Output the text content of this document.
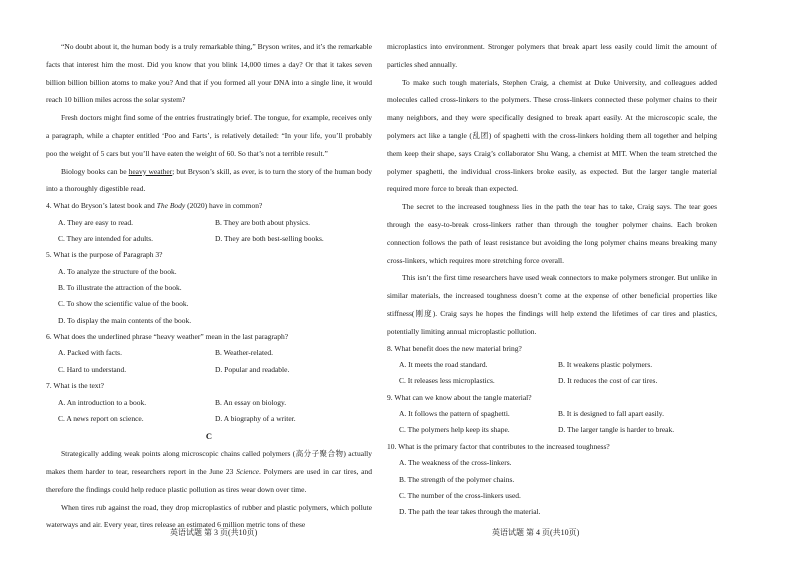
“No doubt about it, the human body is a truly remarkable thing,” Bryson writes, and it’s the remarkable facts that interest him the most. Did you know that you blink 14,000 times a day? Or that it takes seven billion billion billion atoms to make you? And that if you formed all your DNA into a single line, it would reach 10 billion miles across the solar system?

Fresh doctors might find some of the entries frustratingly brief. The tongue, for example, receives only a paragraph, while a chapter entitled ‘Poo and Farts’, is relatively detailed: “In your life, you’ll probably poo the weight of 5 cars but you’ll have eaten the weight of 60. So that’s not a terrible result.”

Biology books can be heavy weather; but Bryson’s skill, as ever, is to turn the story of the human body into a thoroughly digestible read.

4. What do Bryson’s latest book and The Body (2020) have in common?

A. They are easy to read.	B. They are both about physics.
C. They are intended for adults.	D. They are both best-selling books.

5. What is the purpose of Paragraph 3?

A. To analyze the structure of the book.
B. To illustrate the attraction of the book.
C. To show the scientific value of the book.
D. To display the main contents of the book.

6. What does the underlined phrase “heavy weather” mean in the last paragraph?

A. Packed with facts.	B. Weather-related.
C. Hard to understand.	D. Popular and readable.

7. What is the text?

A. An introduction to a book.	B. An essay on biology.
C. A news report on science.	D. A biography of a writer.
C

Strategically adding weak points along microscopic chains called polymers (高分子聚合物) actually makes them harder to tear, researchers report in the June 23 Science. Polymers are used in car tires, and therefore the findings could help reduce plastic pollution as tires wear down over time.

When tires rub against the road, they drop microplastics of rubber and plastic polymers, which pollute waterways and air. Every year, tires release an estimated 6 million metric tons of these

microplastics into environment. Stronger polymers that break apart less easily could limit the amount of particles shed annually.

To make such tough materials, Stephen Craig, a chemist at Duke University, and colleagues added molecules called cross-linkers to the polymers. These cross-linkers connected these polymer chains to their many neighbors, and they were specifically designed to break apart easily. At the microscopic scale, the polymers act like a tangle (乱团) of spaghetti with the cross-linkers holding them all together and helping them keep their shape, says Craig’s collaborator Shu Wang, a chemist at MIT. When the team stretched the polymer spaghetti, the individual cross-linkers broke easily, as expected. But the larger tangle material required more force to break than expected.

The secret to the increased toughness lies in the path the tear has to take, Craig says. The tear goes through the easy-to-break cross-linkers rather than through the tougher polymer chains. Each broken connection follows the path of least resistance but avoiding the long polymer chains means breaking many cross-linkers, which requires more stretching force overall.

This isn’t the first time researchers have used weak connectors to make polymers stronger. But unlike in similar materials, the increased toughness doesn’t come at the expense of other beneficial properties like stiffness(刚度). Craig says he hopes the findings will help extend the lifetimes of car tires and plastics, potentially limiting annual microplastic pollution.

8. What benefit does the new material bring?

A. It meets the road standard.	B. It weakens plastic polymers.
C. It releases less microplastics.	D. It reduces the cost of car tires.

9. What can we know about the tangle material?

A. It follows the pattern of spaghetti.	B. It is designed to fall apart easily.
C. The polymers help keep its shape.	D. The larger tangle is harder to break.

10. What is the primary factor that contributes to the increased toughness?

A. The weakness of the cross-linkers.
B. The strength of the polymer chains.
C. The number of the cross-linkers used.
D. The path the tear takes through the material.
英语试题 第 3 页(共10页)	英语试题 第 4 页(共10页)
